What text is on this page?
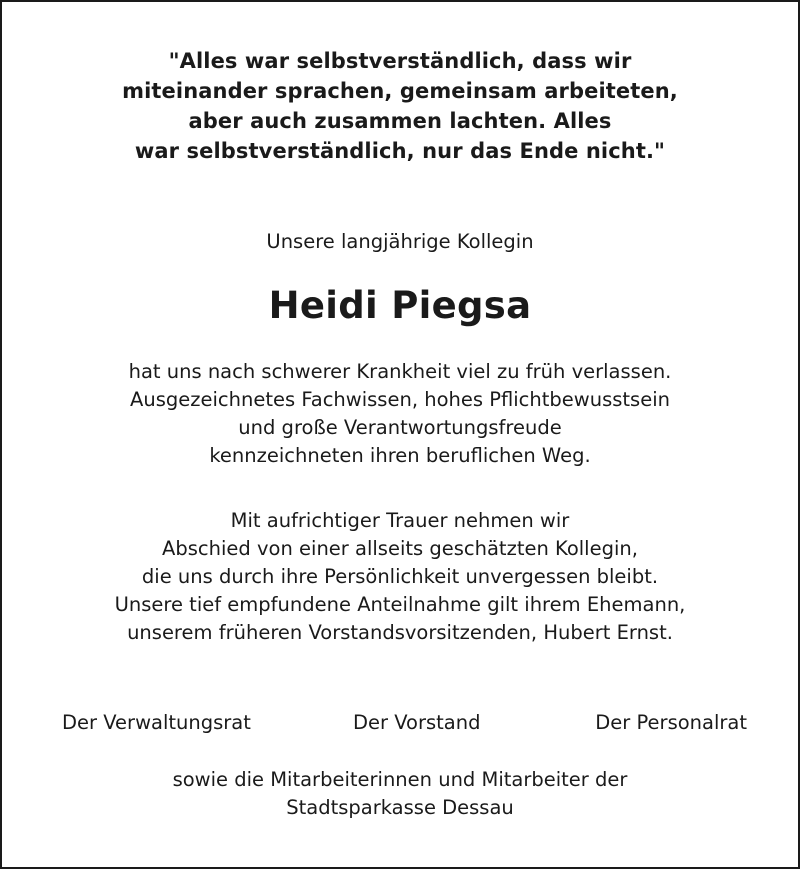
"Alles war selbstverständlich, dass wir
miteinander sprachen, gemeinsam arbeiteten,
aber auch zusammen lachten. Alles
war selbstverständlich, nur das Ende nicht."

Unsere langjährige Kollegin

Heidi Piegsa

hat uns nach schwerer Krankheit viel zu früh verlassen.
Ausgezeichnetes Fachwissen, hohes Pflichtbewusstsein
und große Verantwortungsfreude
kennzeichneten ihren beruflichen Weg.

Mit aufrichtiger Trauer nehmen wir
Abschied von einer allseits geschätzten Kollegin,
die uns durch ihre Persönlichkeit unvergessen bleibt.
Unsere tief empfundene Anteilnahme gilt ihrem Ehemann,
unserem früheren Vorstandsvorsitzenden, Hubert Ernst.

Der Verwaltungsrat	Der Vorstand	Der Personalrat

sowie die Mitarbeiterinnen und Mitarbeiter der
Stadtsparkasse Dessau
